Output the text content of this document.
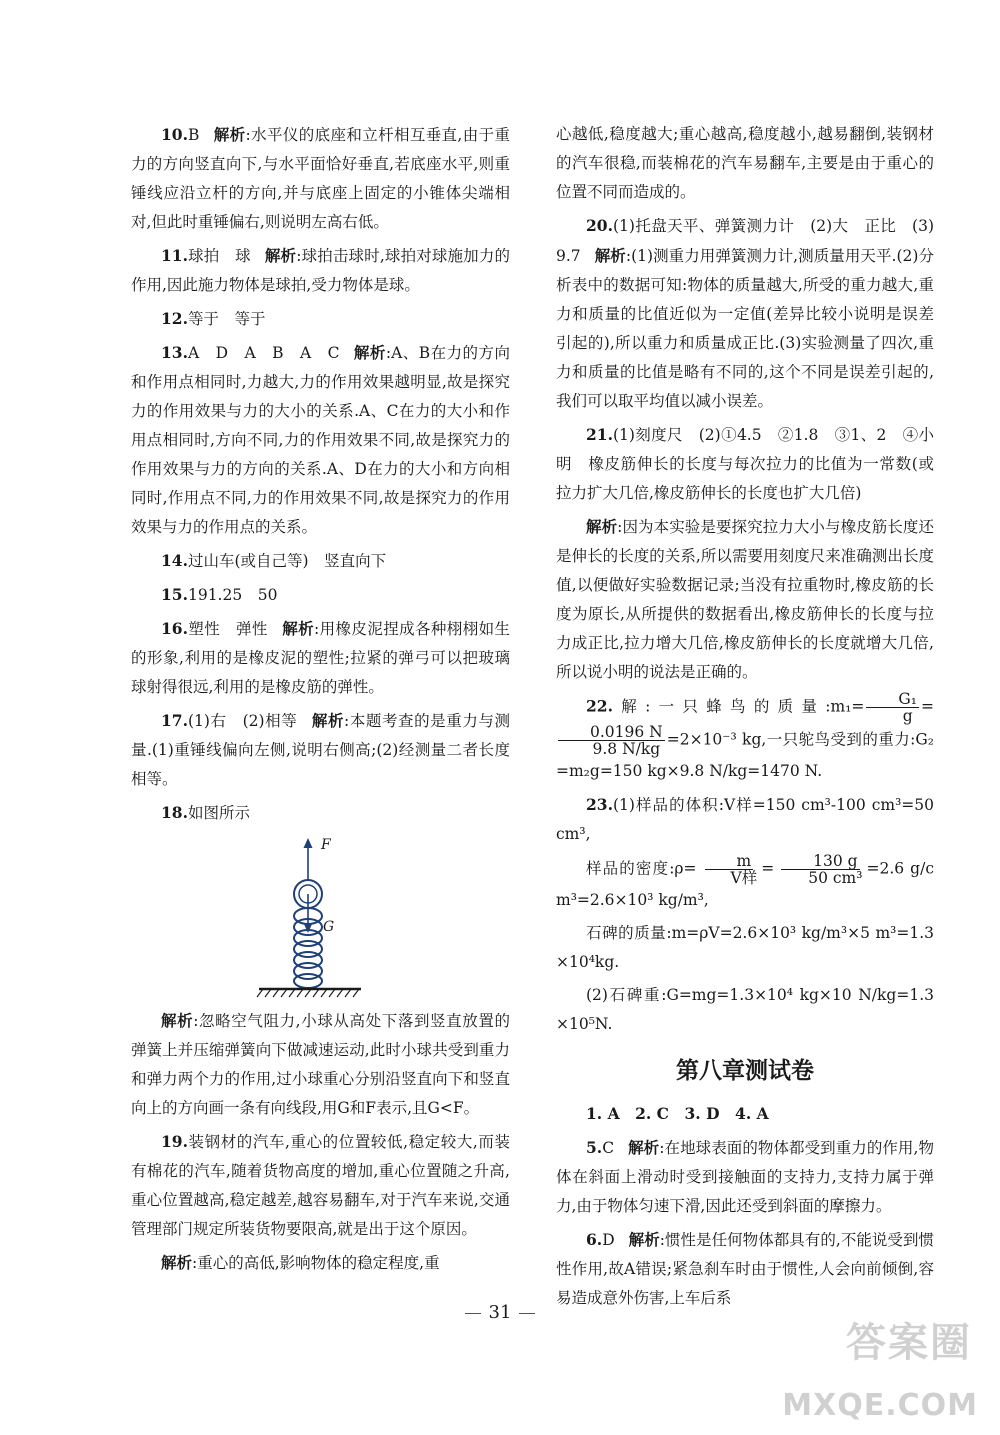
10.B 解析:水平仪的底座和立杆相互垂直,由于重力的方向竖直向下,与水平面恰好垂直,若底座水平,则重锤线应沿立杆的方向,并与底座上固定的小锥体尖端相对,但此时重锤偏右,则说明左高右低。

11.球拍　球 解析:球拍击球时,球拍对球施加力的作用,因此施力物体是球拍,受力物体是球。

12.等于　等于

13.A　D　A　B　A　C 解析:A、B在力的方向和作用点相同时,力越大,力的作用效果越明显,故是探究力的作用效果与力的大小的关系.A、C在力的大小和作用点相同时,方向不同,力的作用效果不同,故是探究力的作用效果与力的方向的关系.A、D在力的大小和方向相同时,作用点不同,力的作用效果不同,故是探究力的作用效果与力的作用点的关系。

14.过山车(或自己等)　竖直向下

15.191.25　50

16.塑性　弹性 解析:用橡皮泥捏成各种栩栩如生的形象,利用的是橡皮泥的塑性;拉紧的弹弓可以把玻璃球射得很远,利用的是橡皮筋的弹性。

17.(1)右　(2)相等 解析:本题考查的是重力与测量.(1)重锤线偏向左侧,说明右侧高;(2)经测量二者长度相等。

18.如图所示

F
G

解析:忽略空气阻力,小球从高处下落到竖直放置的弹簧上并压缩弹簧向下做减速运动,此时小球共受到重力和弹力两个力的作用,过小球重心分别沿竖直向下和竖直向上的方向画一条有向线段,用G和F表示,且G<F。

19.装钢材的汽车,重心的位置较低,稳定较大,而装有棉花的汽车,随着货物高度的增加,重心位置随之升高,重心位置越高,稳定越差,越容易翻车,对于汽车来说,交通管理部门规定所装货物要限高,就是出于这个原因。

解析:重心的高低,影响物体的稳定程度,重

心越低,稳度越大;重心越高,稳度越小,越易翻倒,装钢材的汽车很稳,而装棉花的汽车易翻车,主要是由于重心的位置不同而造成的。

20.(1)托盘天平、弹簧测力计　(2)大　正比　(3)9.7 解析:(1)测重力用弹簧测力计,测质量用天平.(2)分析表中的数据可知:物体的质量越大,所受的重力越大,重力和质量的比值近似为一定值(差异比较小说明是误差引起的),所以重力和质量成正比.(3)实验测量了四次,重力和质量的比值是略有不同的,这个不同是误差引起的,我们可以取平均值以减小误差。

21.(1)刻度尺　(2)①4.5　②1.8　③1、2　④小明　橡皮筋伸长的长度与每次拉力的比值为一常数(或拉力扩大几倍,橡皮筋伸长的长度也扩大几倍)

解析:因为本实验是要探究拉力大小与橡皮筋长度还是伸长的长度的关系,所以需要用刻度尺来准确测出长度值,以便做好实验数据记录;当没有拉重物时,橡皮筋的长度为原长,从所提供的数据看出,橡皮筋伸长的长度与拉力成正比,拉力增大几倍,橡皮筋伸长的长度就增大几倍,所以说小明的说法是正确的。

22.解:一只蜂鸟的质量:m₁= $\frac{\text{G₁}}{g}$ =
$\frac{0.0196 N}{9.8 N/kg} =2\times 10^{-3}$ kg,一只鸵鸟受到的重力:G₂=m₂g=150 kg×9.8 N/kg=1470 N.

23.(1)样品的体积:V样=150 cm³-100 cm³=50 cm³,

样品的密度:ρ= $\frac{m}{\text{V样}} = \frac{130 g}{\text{50 cm³}} =2.6$ g/cm³=2.6×10³ kg/m³,

石碑的质量:m=ρV=2.6×10³ kg/m³×5 m³=1.3×10⁴kg.

(2)石碑重:G=mg=1.3×10⁴ kg×10 N/kg=1.3×10⁵N.

第八章测试卷

1. A　2. C　3. D　4. A

5.C 解析:在地球表面的物体都受到重力的作用,物体在斜面上滑动时受到接触面的支持力,支持力属于弹力,由于物体匀速下滑,因此还受到斜面的摩擦力。

6.D 解析:惯性是任何物体都具有的,不能说受到惯性作用,故A错误;紧急刹车时由于惯性,人会向前倾倒,容易造成意外伤害,上车后系

31
答案圈
MXQE.COM
